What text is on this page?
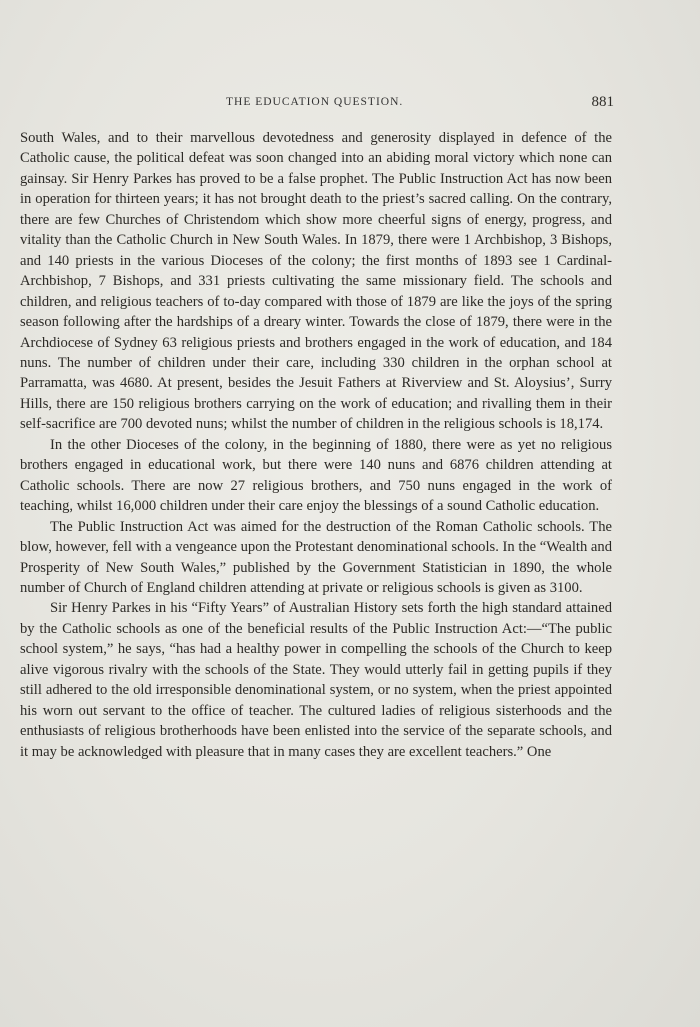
THE EDUCATION QUESTION.	881

South Wales, and to their marvellous devotedness and generosity displayed in defence of the Catholic cause, the political defeat was soon changed into an abiding moral victory which none can gainsay. Sir Henry Parkes has proved to be a false prophet. The Public Instruction Act has now been in operation for thirteen years; it has not brought death to the priest’s sacred calling. On the contrary, there are few Churches of Christendom which show more cheerful signs of energy, progress, and vitality than the Catholic Church in New South Wales. In 1879, there were 1 Archbishop, 3 Bishops, and 140 priests in the various Dioceses of the colony; the first months of 1893 see 1 Cardinal-Archbishop, 7 Bishops, and 331 priests cultivating the same missionary field. The schools and children, and religious teachers of to-day compared with those of 1879 are like the joys of the spring season following after the hardships of a dreary winter. Towards the close of 1879, there were in the Archdiocese of Sydney 63 religious priests and brothers engaged in the work of education, and 184 nuns. The number of children under their care, including 330 children in the orphan school at Parramatta, was 4680. At present, besides the Jesuit Fathers at Riverview and St. Aloysius’, Surry Hills, there are 150 religious brothers carrying on the work of education; and rivalling them in their self-sacrifice are 700 devoted nuns; whilst the number of children in the religious schools is 18,174.

In the other Dioceses of the colony, in the beginning of 1880, there were as yet no religious brothers engaged in educational work, but there were 140 nuns and 6876 children attending at Catholic schools. There are now 27 religious brothers, and 750 nuns engaged in the work of teaching, whilst 16,000 children under their care enjoy the blessings of a sound Catholic education.

The Public Instruction Act was aimed for the destruction of the Roman Catholic schools. The blow, however, fell with a vengeance upon the Protestant denominational schools. In the “Wealth and Prosperity of New South Wales,” published by the Government Statistician in 1890, the whole number of Church of England children attending at private or religious schools is given as 3100.

Sir Henry Parkes in his “Fifty Years” of Australian History sets forth the high standard attained by the Catholic schools as one of the beneficial results of the Public Instruction Act:—“The public school system,” he says, “has had a healthy power in compelling the schools of the Church to keep alive vigorous rivalry with the schools of the State. They would utterly fail in getting pupils if they still adhered to the old irresponsible denominational system, or no system, when the priest appointed his worn out servant to the office of teacher. The cultured ladies of religious sisterhoods and the enthusiasts of religious brotherhoods have been enlisted into the service of the separate schools, and it may be acknowledged with pleasure that in many cases they are excellent teachers.” One
